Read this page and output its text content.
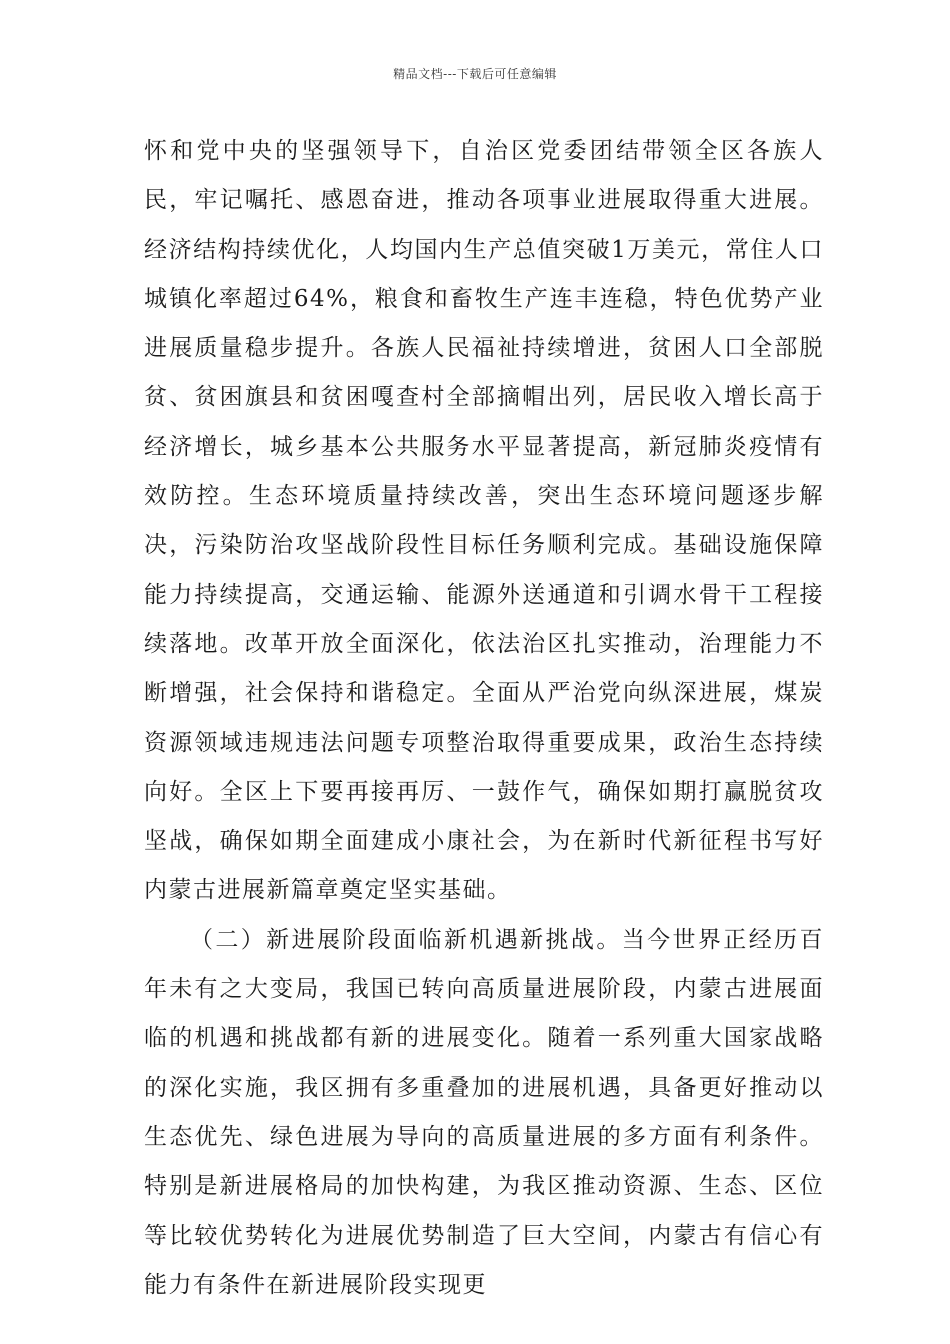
精品文档---下载后可任意编辑

怀和党中央的坚强领导下，自治区党委团结带领全区各族人民，牢记嘱托、感恩奋进，推动各项事业进展取得重大进展。经济结构持续优化，人均国内生产总值突破1万美元，常住人口城镇化率超过64%，粮食和畜牧生产连丰连稳，特色优势产业进展质量稳步提升。各族人民福祉持续增进，贫困人口全部脱贫、贫困旗县和贫困嘎查村全部摘帽出列，居民收入增长高于经济增长，城乡基本公共服务水平显著提高，新冠肺炎疫情有效防控。生态环境质量持续改善，突出生态环境问题逐步解决，污染防治攻坚战阶段性目标任务顺利完成。基础设施保障能力持续提高，交通运输、能源外送通道和引调水骨干工程接续落地。改革开放全面深化，依法治区扎实推动，治理能力不断增强，社会保持和谐稳定。全面从严治党向纵深进展，煤炭资源领域违规违法问题专项整治取得重要成果，政治生态持续向好。全区上下要再接再厉、一鼓作气，确保如期打赢脱贫攻坚战，确保如期全面建成小康社会，为在新时代新征程书写好内蒙古进展新篇章奠定坚实基础。

（二）新进展阶段面临新机遇新挑战。当今世界正经历百年未有之大变局，我国已转向高质量进展阶段，内蒙古进展面临的机遇和挑战都有新的进展变化。随着一系列重大国家战略的深化实施，我区拥有多重叠加的进展机遇，具备更好推动以生态优先、绿色进展为导向的高质量进展的多方面有利条件。特别是新进展格局的加快构建，为我区推动资源、生态、区位等比较优势转化为进展优势制造了巨大空间，内蒙古有信心有能力有条件在新进展阶段实现更
